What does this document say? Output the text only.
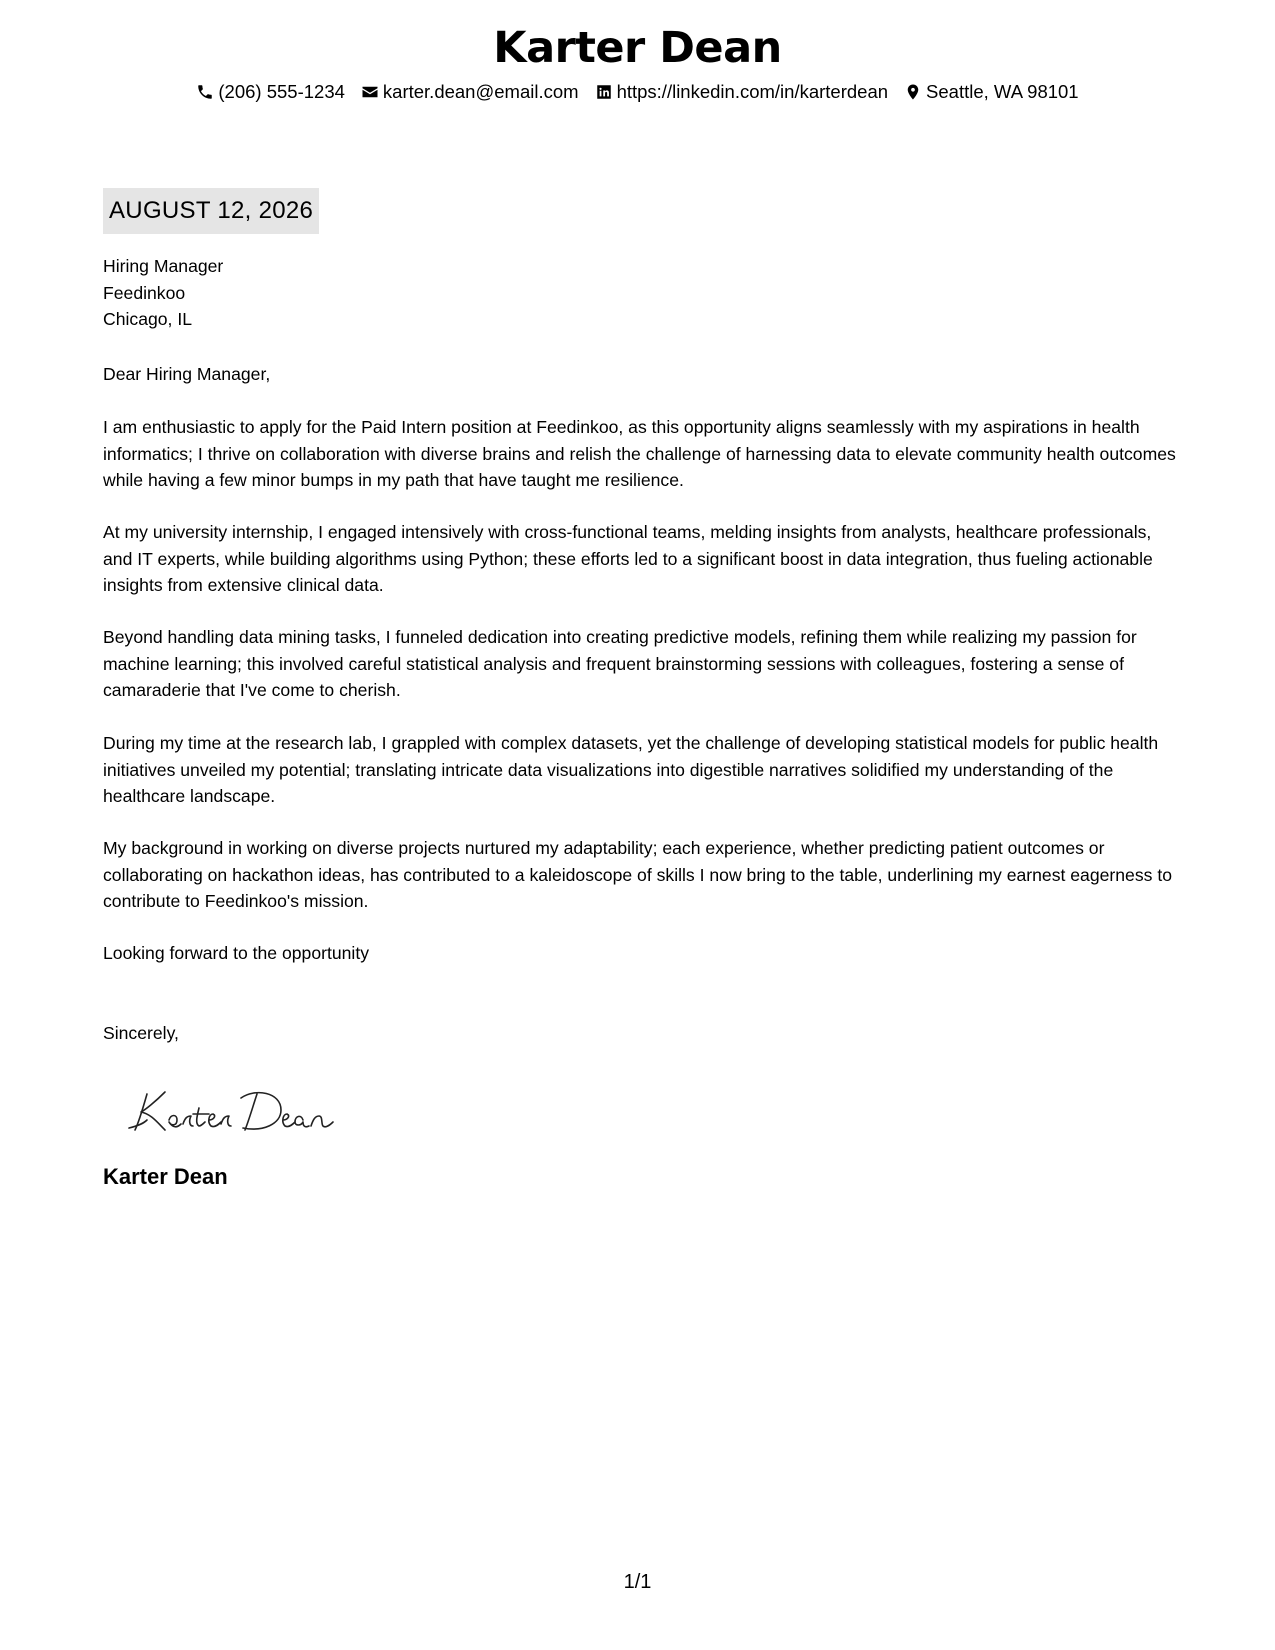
Karter Dean
(206) 555-1234 karter.dean@email.com https://linkedin.com/in/karterdean Seattle, WA 98101
AUGUST 12, 2026
Hiring Manager
Feedinkoo
Chicago, IL
Dear Hiring Manager,

I am enthusiastic to apply for the Paid Intern position at Feedinkoo, as this opportunity aligns seamlessly with my aspirations in health informatics; I thrive on collaboration with diverse brains and relish the challenge of harnessing data to elevate community health outcomes while having a few minor bumps in my path that have taught me resilience.

At my university internship, I engaged intensively with cross-functional teams, melding insights from analysts, healthcare professionals, and IT experts, while building algorithms using Python; these efforts led to a significant boost in data integration, thus fueling actionable insights from extensive clinical data.

Beyond handling data mining tasks, I funneled dedication into creating predictive models, refining them while realizing my passion for machine learning; this involved careful statistical analysis and frequent brainstorming sessions with colleagues, fostering a sense of camaraderie that I've come to cherish.

During my time at the research lab, I grappled with complex datasets, yet the challenge of developing statistical models for public health initiatives unveiled my potential; translating intricate data visualizations into digestible narratives solidified my understanding of the healthcare landscape.

My background in working on diverse projects nurtured my adaptability; each experience, whether predicting patient outcomes or collaborating on hackathon ideas, has contributed to a kaleidoscope of skills I now bring to the table, underlining my earnest eagerness to contribute to Feedinkoo's mission.

Looking forward to the opportunity
Sincerely,
Karter Dean
1/1
